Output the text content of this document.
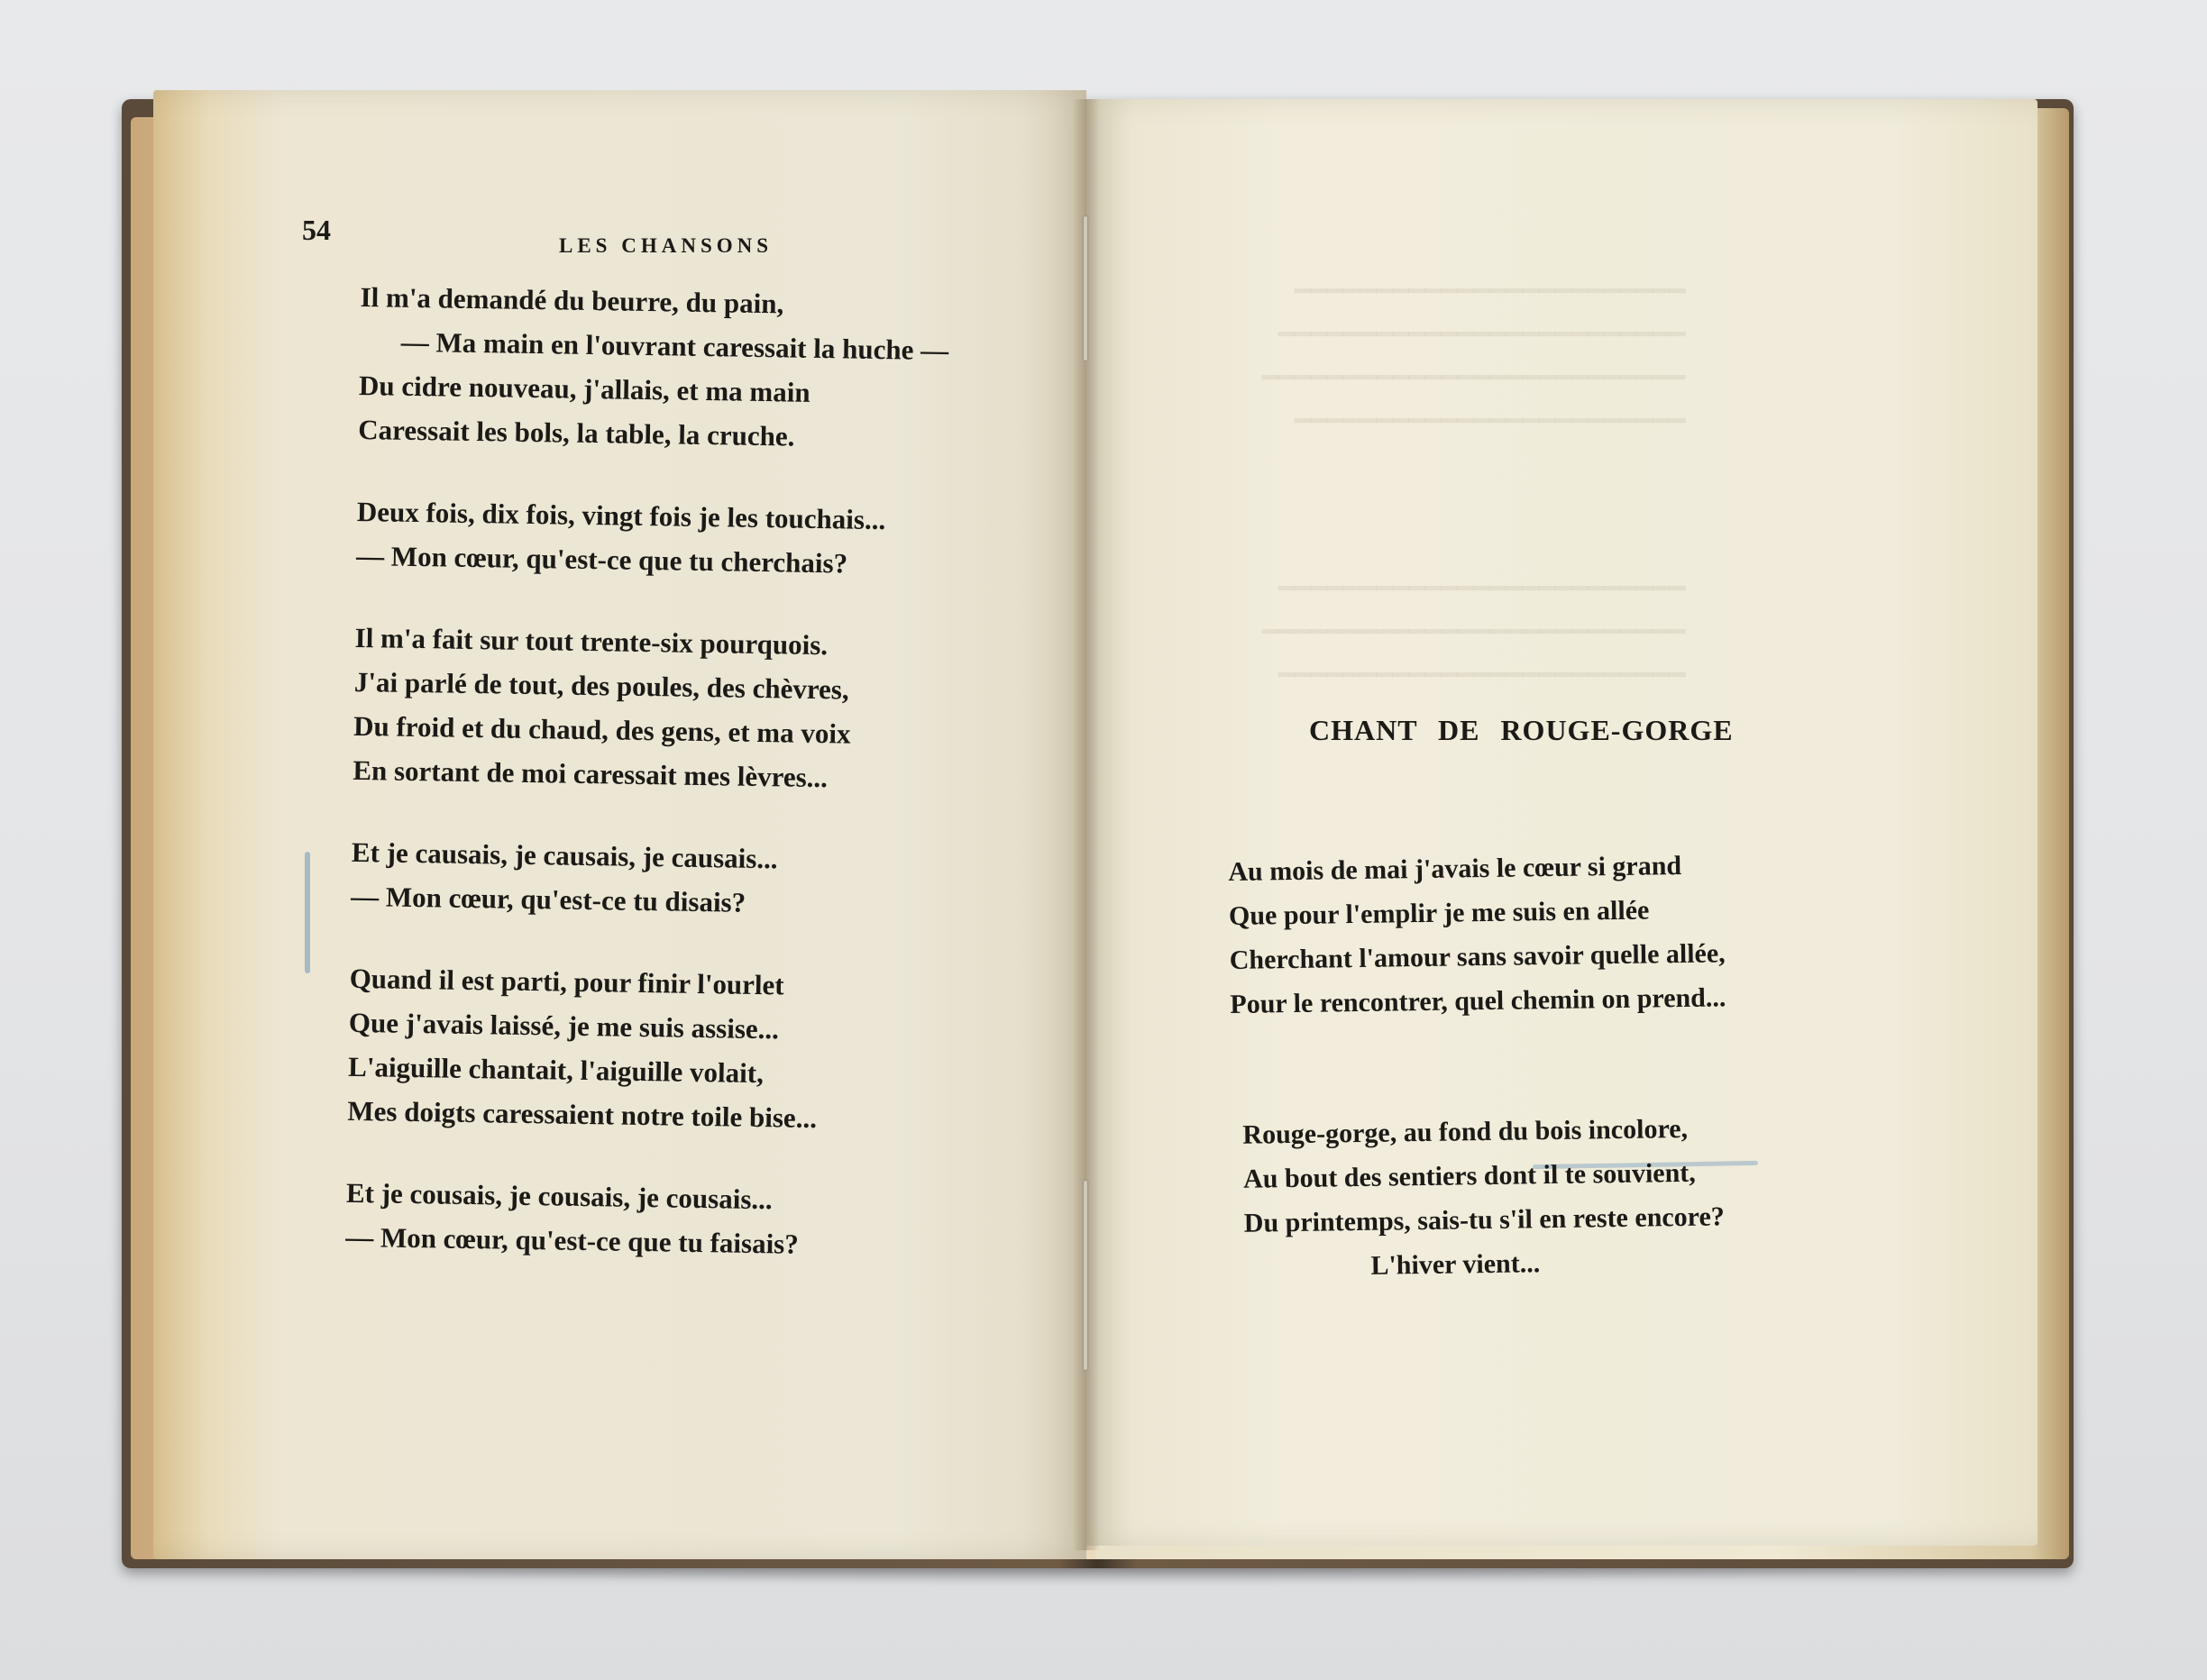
━━━━━━━━━━━━━━━━━━━━━━━━
━━━━━━━━━━━━━━━━━━━━━━━━━
━━━━━━━━━━━━━━━━━━━━━━━━━━
━━━━━━━━━━━━━━━━━━━━━━━━
━━━━━━━━━━━━━━━━━━━━━━━━━
━━━━━━━━━━━━━━━━━━━━━━━━━━
━━━━━━━━━━━━━━━━━━━━━━━━━
54	LES CHANSONS
Il m'a demandé du beurre, du pain,
— Ma main en l'ouvrant caressait la huche —
Du cidre nouveau, j'allais, et ma main
Caressait les bols, la table, la cruche.
Deux fois, dix fois, vingt fois je les touchais...
— Mon cœur, qu'est-ce que tu cherchais?
Il m'a fait sur tout trente-six pourquois.
J'ai parlé de tout, des poules, des chèvres,
Du froid et du chaud, des gens, et ma voix
En sortant de moi caressait mes lèvres...
Et je causais, je causais, je causais...
— Mon cœur, qu'est-ce tu disais?
Quand il est parti, pour finir l'ourlet
Que j'avais laissé, je me suis assise...
L'aiguille chantait, l'aiguille volait,
Mes doigts caressaient notre toile bise...
Et je cousais, je cousais, je cousais...
— Mon cœur, qu'est-ce que tu faisais?
CHANT DE ROUGE-GORGE
Au mois de mai j'avais le cœur si grand
Que pour l'emplir je me suis en allée
Cherchant l'amour sans savoir quelle allée,
Pour le rencontrer, quel chemin on prend...
Rouge-gorge, au fond du bois incolore,
Au bout des sentiers dont il te souvient,
Du printemps, sais-tu s'il en reste encore?
L'hiver vient...
